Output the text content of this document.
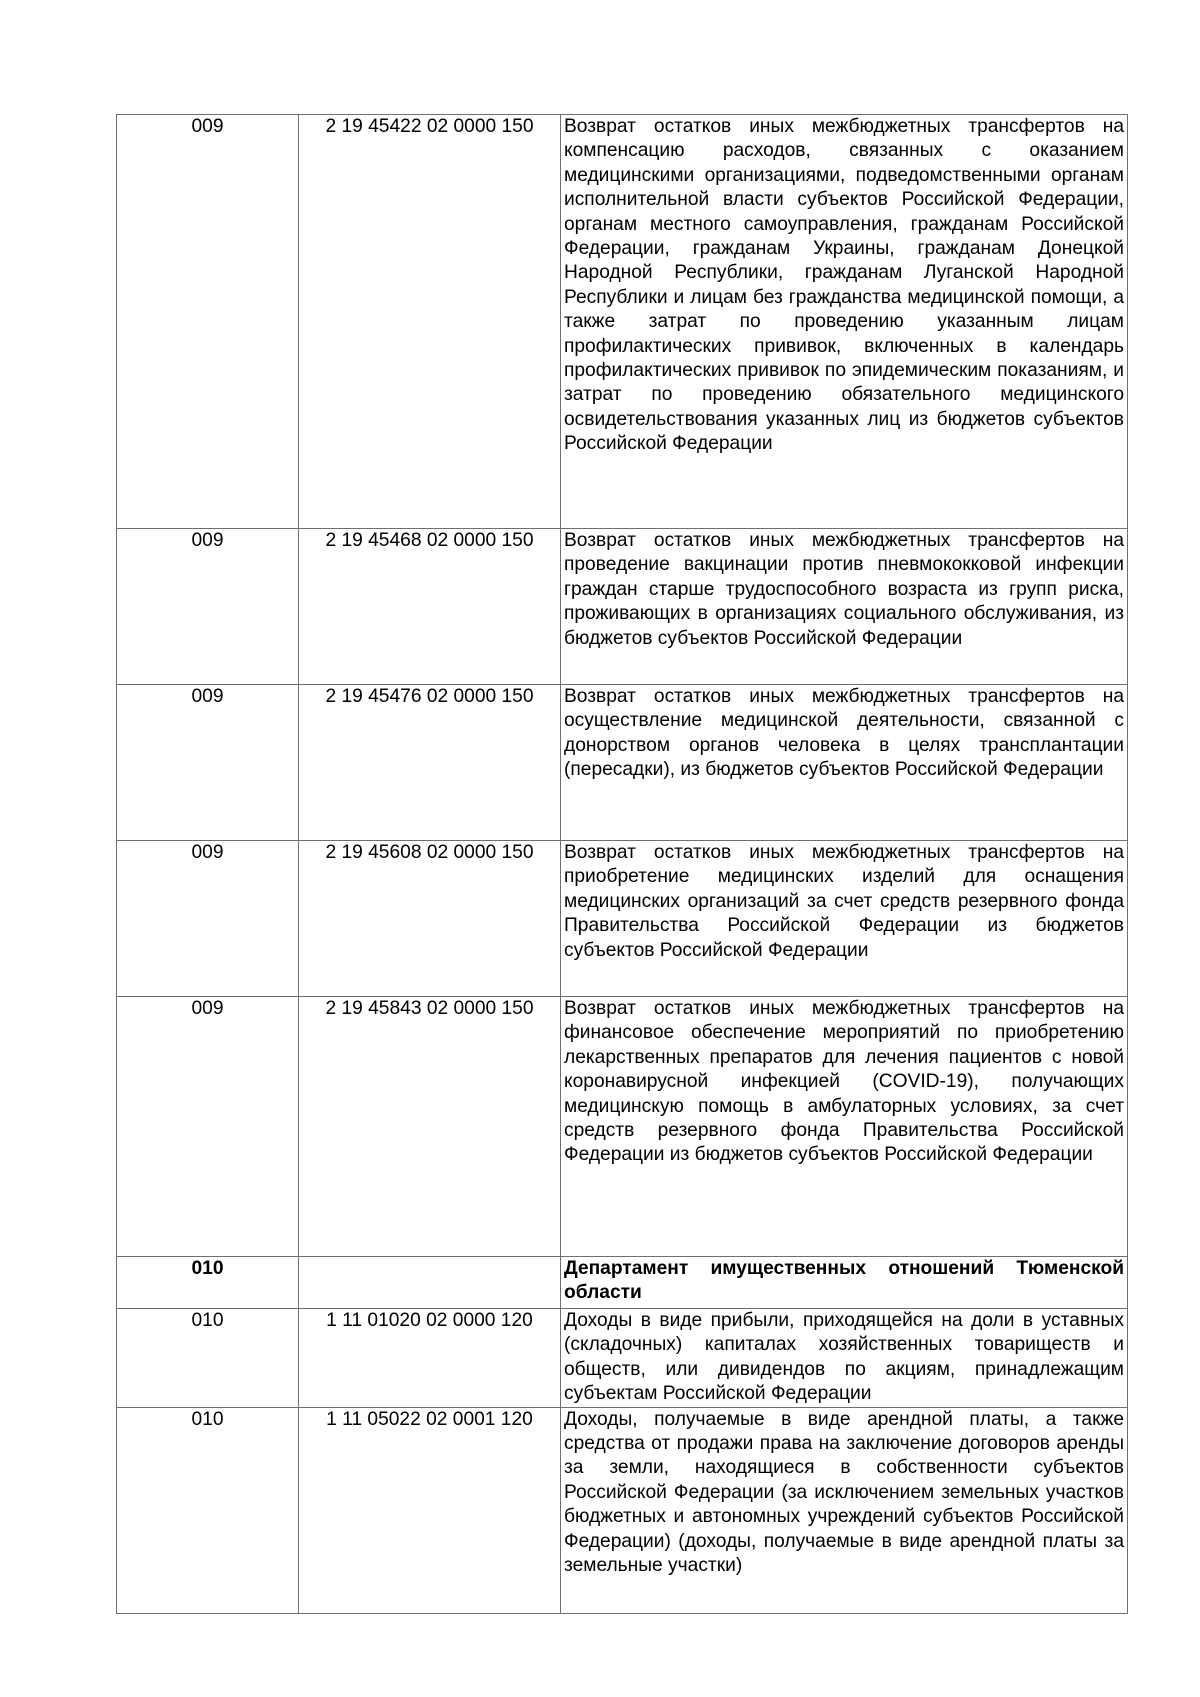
009	2 19 45422 02 0000 150	Возврат остатков иных межбюджетных трансфертов на компенсацию расходов, связанных с оказанием медицинскими организациями, подведомственными органам исполнительной власти субъектов Российской Федерации, органам местного самоуправления, гражданам Российской Федерации, гражданам Украины, гражданам Донецкой Народной Республики, гражданам Луганской Народной Республики и лицам без гражданства медицинской помощи, а также затрат по проведению указанным лицам профилактических прививок, включенных в календарь профилактических прививок по эпидемическим показаниям, и затрат по проведению обязательного медицинского освидетельствования указанных лиц из бюджетов субъектов Российской Федерации
009	2 19 45468 02 0000 150	Возврат остатков иных межбюджетных трансфертов на проведение вакцинации против пневмококковой инфекции граждан старше трудоспособного возраста из групп риска, проживающих в организациях социального обслуживания, из бюджетов субъектов Российской Федерации
009	2 19 45476 02 0000 150	Возврат остатков иных межбюджетных трансфертов на осуществление медицинской деятельности, связанной с донорством органов человека в целях трансплантации (пересадки), из бюджетов субъектов Российской Федерации
009	2 19 45608 02 0000 150	Возврат остатков иных межбюджетных трансфертов на приобретение медицинских изделий для оснащения медицинских организаций за счет средств резервного фонда Правительства Российской Федерации из бюджетов субъектов Российской Федерации
009	2 19 45843 02 0000 150	Возврат остатков иных межбюджетных трансфертов на финансовое обеспечение мероприятий по приобретению лекарственных препаратов для лечения пациентов с новой коронавирусной инфекцией (COVID-19), получающих медицинскую помощь в амбулаторных условиях, за счет средств резервного фонда Правительства Российской Федерации из бюджетов субъектов Российской Федерации
010		Департамент имущественных отношений Тюменской области
010	1 11 01020 02 0000 120	Доходы в виде прибыли, приходящейся на доли в уставных (складочных) капиталах хозяйственных товариществ и обществ, или дивидендов по акциям, принадлежащим субъектам Российской Федерации
010	1 11 05022 02 0001 120	Доходы, получаемые в виде арендной платы, а также средства от продажи права на заключение договоров аренды за земли, находящиеся в собственности субъектов Российской Федерации (за исключением земельных участков бюджетных и автономных учреждений субъектов Российской Федерации) (доходы, получаемые в виде арендной платы за земельные участки)
